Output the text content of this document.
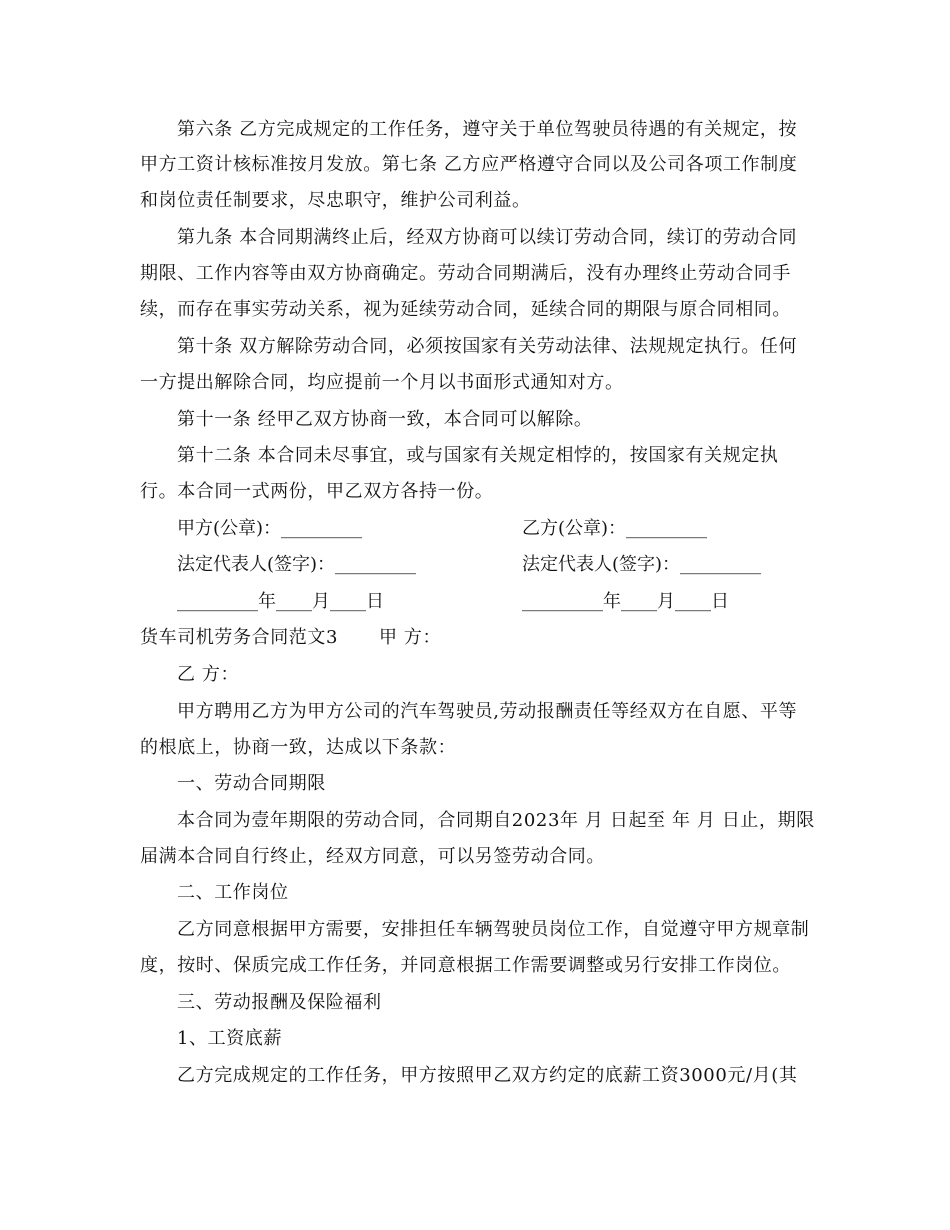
第六条 乙方完成规定的工作任务，遵守关于单位驾驶员待遇的有关规定，按
甲方工资计核标准按月发放。第七条 乙方应严格遵守合同以及公司各项工作制度
和岗位责任制要求，尽忠职守，维护公司利益。
第九条 本合同期满终止后，经双方协商可以续订劳动合同，续订的劳动合同
期限、工作内容等由双方协商确定。劳动合同期满后，没有办理终止劳动合同手
续，而存在事实劳动关系，视为延续劳动合同，延续合同的期限与原合同相同。
第十条 双方解除劳动合同，必须按国家有关劳动法律、法规规定执行。任何
一方提出解除合同，均应提前一个月以书面形式通知对方。
第十一条 经甲乙双方协商一致，本合同可以解除。
第十二条 本合同未尽事宜，或与国家有关规定相悖的，按国家有关规定执
行。本合同一式两份，甲乙双方各持一份。
甲方(公章)：_________	乙方(公章)：_________
法定代表人(签字)：_________	法定代表人(签字)：_________
_________年____月____日	_________年____月____日
货车司机劳务合同范文3 甲 方：
乙 方：
甲方聘用乙方为甲方公司的汽车驾驶员,劳动报酬责任等经双方在自愿、平等
的根底上，协商一致，达成以下条款：
一、劳动合同期限
本合同为壹年期限的劳动合同，合同期自2023年 月 日起至 年 月 日止，期限
届满本合同自行终止，经双方同意，可以另签劳动合同。
二、工作岗位
乙方同意根据甲方需要，安排担任车辆驾驶员岗位工作，自觉遵守甲方规章制
度，按时、保质完成工作任务，并同意根据工作需要调整或另行安排工作岗位。
三、劳动报酬及保险福利
1、工资底薪
乙方完成规定的工作任务，甲方按照甲乙双方约定的底薪工资3000元/月(其
